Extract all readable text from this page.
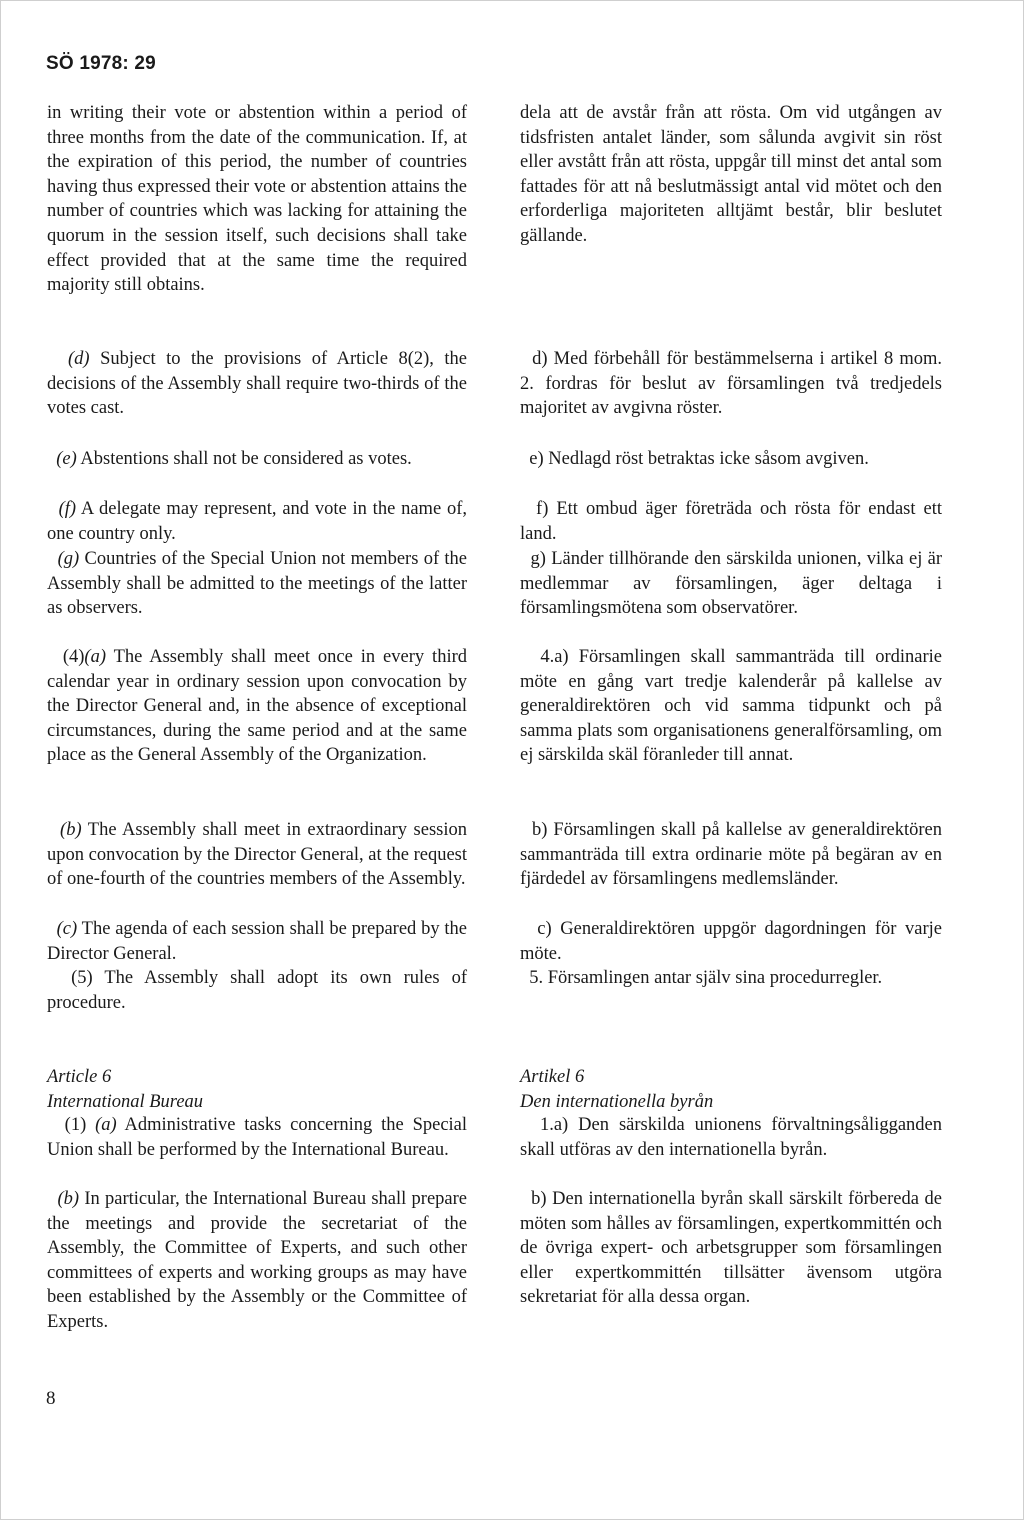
SÖ 1978: 29

in writing their vote or abstention within a period of three months from the date of the communication. If, at the expiration of this period, the number of countries having thus expressed their vote or abstention attains the number of countries which was lacking for attaining the quorum in the session itself, such decisions shall take effect provided that at the same time the required majority still obtains.

(d) Subject to the provisions of Article 8(2), the decisions of the Assembly shall require two-thirds of the votes cast.

(e) Abstentions shall not be considered as votes.

(f) A delegate may represent, and vote in the name of, one country only.

(g) Countries of the Special Union not members of the Assembly shall be admitted to the meetings of the latter as observers.

(4)(a) The Assembly shall meet once in every third calendar year in ordinary session upon convocation by the Director General and, in the absence of exceptional circumstances, during the same period and at the same place as the General Assembly of the Organization.

(b) The Assembly shall meet in extraordinary session upon convocation by the Director General, at the request of one-fourth of the countries members of the Assembly.

(c) The agenda of each session shall be prepared by the Director General.

(5) The Assembly shall adopt its own rules of procedure.

Article 6

International Bureau

(1) (a) Administrative tasks concerning the Special Union shall be performed by the International Bureau.

(b) In particular, the International Bureau shall prepare the meetings and provide the secretariat of the Assembly, the Committee of Experts, and such other committees of experts and working groups as may have been established by the Assembly or the Committee of Experts.

dela att de avstår från att rösta. Om vid utgången av tidsfristen antalet länder, som sålunda avgivit sin röst eller avstått från att rösta, uppgår till minst det antal som fattades för att nå beslutmässigt antal vid mötet och den erforderliga majoriteten alltjämt består, blir beslutet gällande.

d) Med förbehåll för bestämmelserna i artikel 8 mom. 2. fordras för beslut av församlingen två tredjedels majoritet av avgivna röster.

e) Nedlagd röst betraktas icke såsom avgiven.

f) Ett ombud äger företräda och rösta för endast ett land.

g) Länder tillhörande den särskilda unionen, vilka ej är medlemmar av församlingen, äger deltaga i församlingsmötena som observatörer.

4.a) Församlingen skall sammanträda till ordinarie möte en gång vart tredje kalenderår på kallelse av generaldirektören och vid samma tidpunkt och på samma plats som organisationens generalförsamling, om ej särskilda skäl föranleder till annat.

b) Församlingen skall på kallelse av generaldirektören sammanträda till extra ordinarie möte på begäran av en fjärdedel av församlingens medlemsländer.

c) Generaldirektören uppgör dagordningen för varje möte.

5. Församlingen antar själv sina procedurregler.

Artikel 6

Den internationella byrån

1.a) Den särskilda unionens förvaltningsåligganden skall utföras av den internationella byrån.

b) Den internationella byrån skall särskilt förbereda de möten som hålles av församlingen, expertkommittén och de övriga expert- och arbetsgrupper som församlingen eller expertkommittén tillsätter ävensom utgöra sekretariat för alla dessa organ.

8
